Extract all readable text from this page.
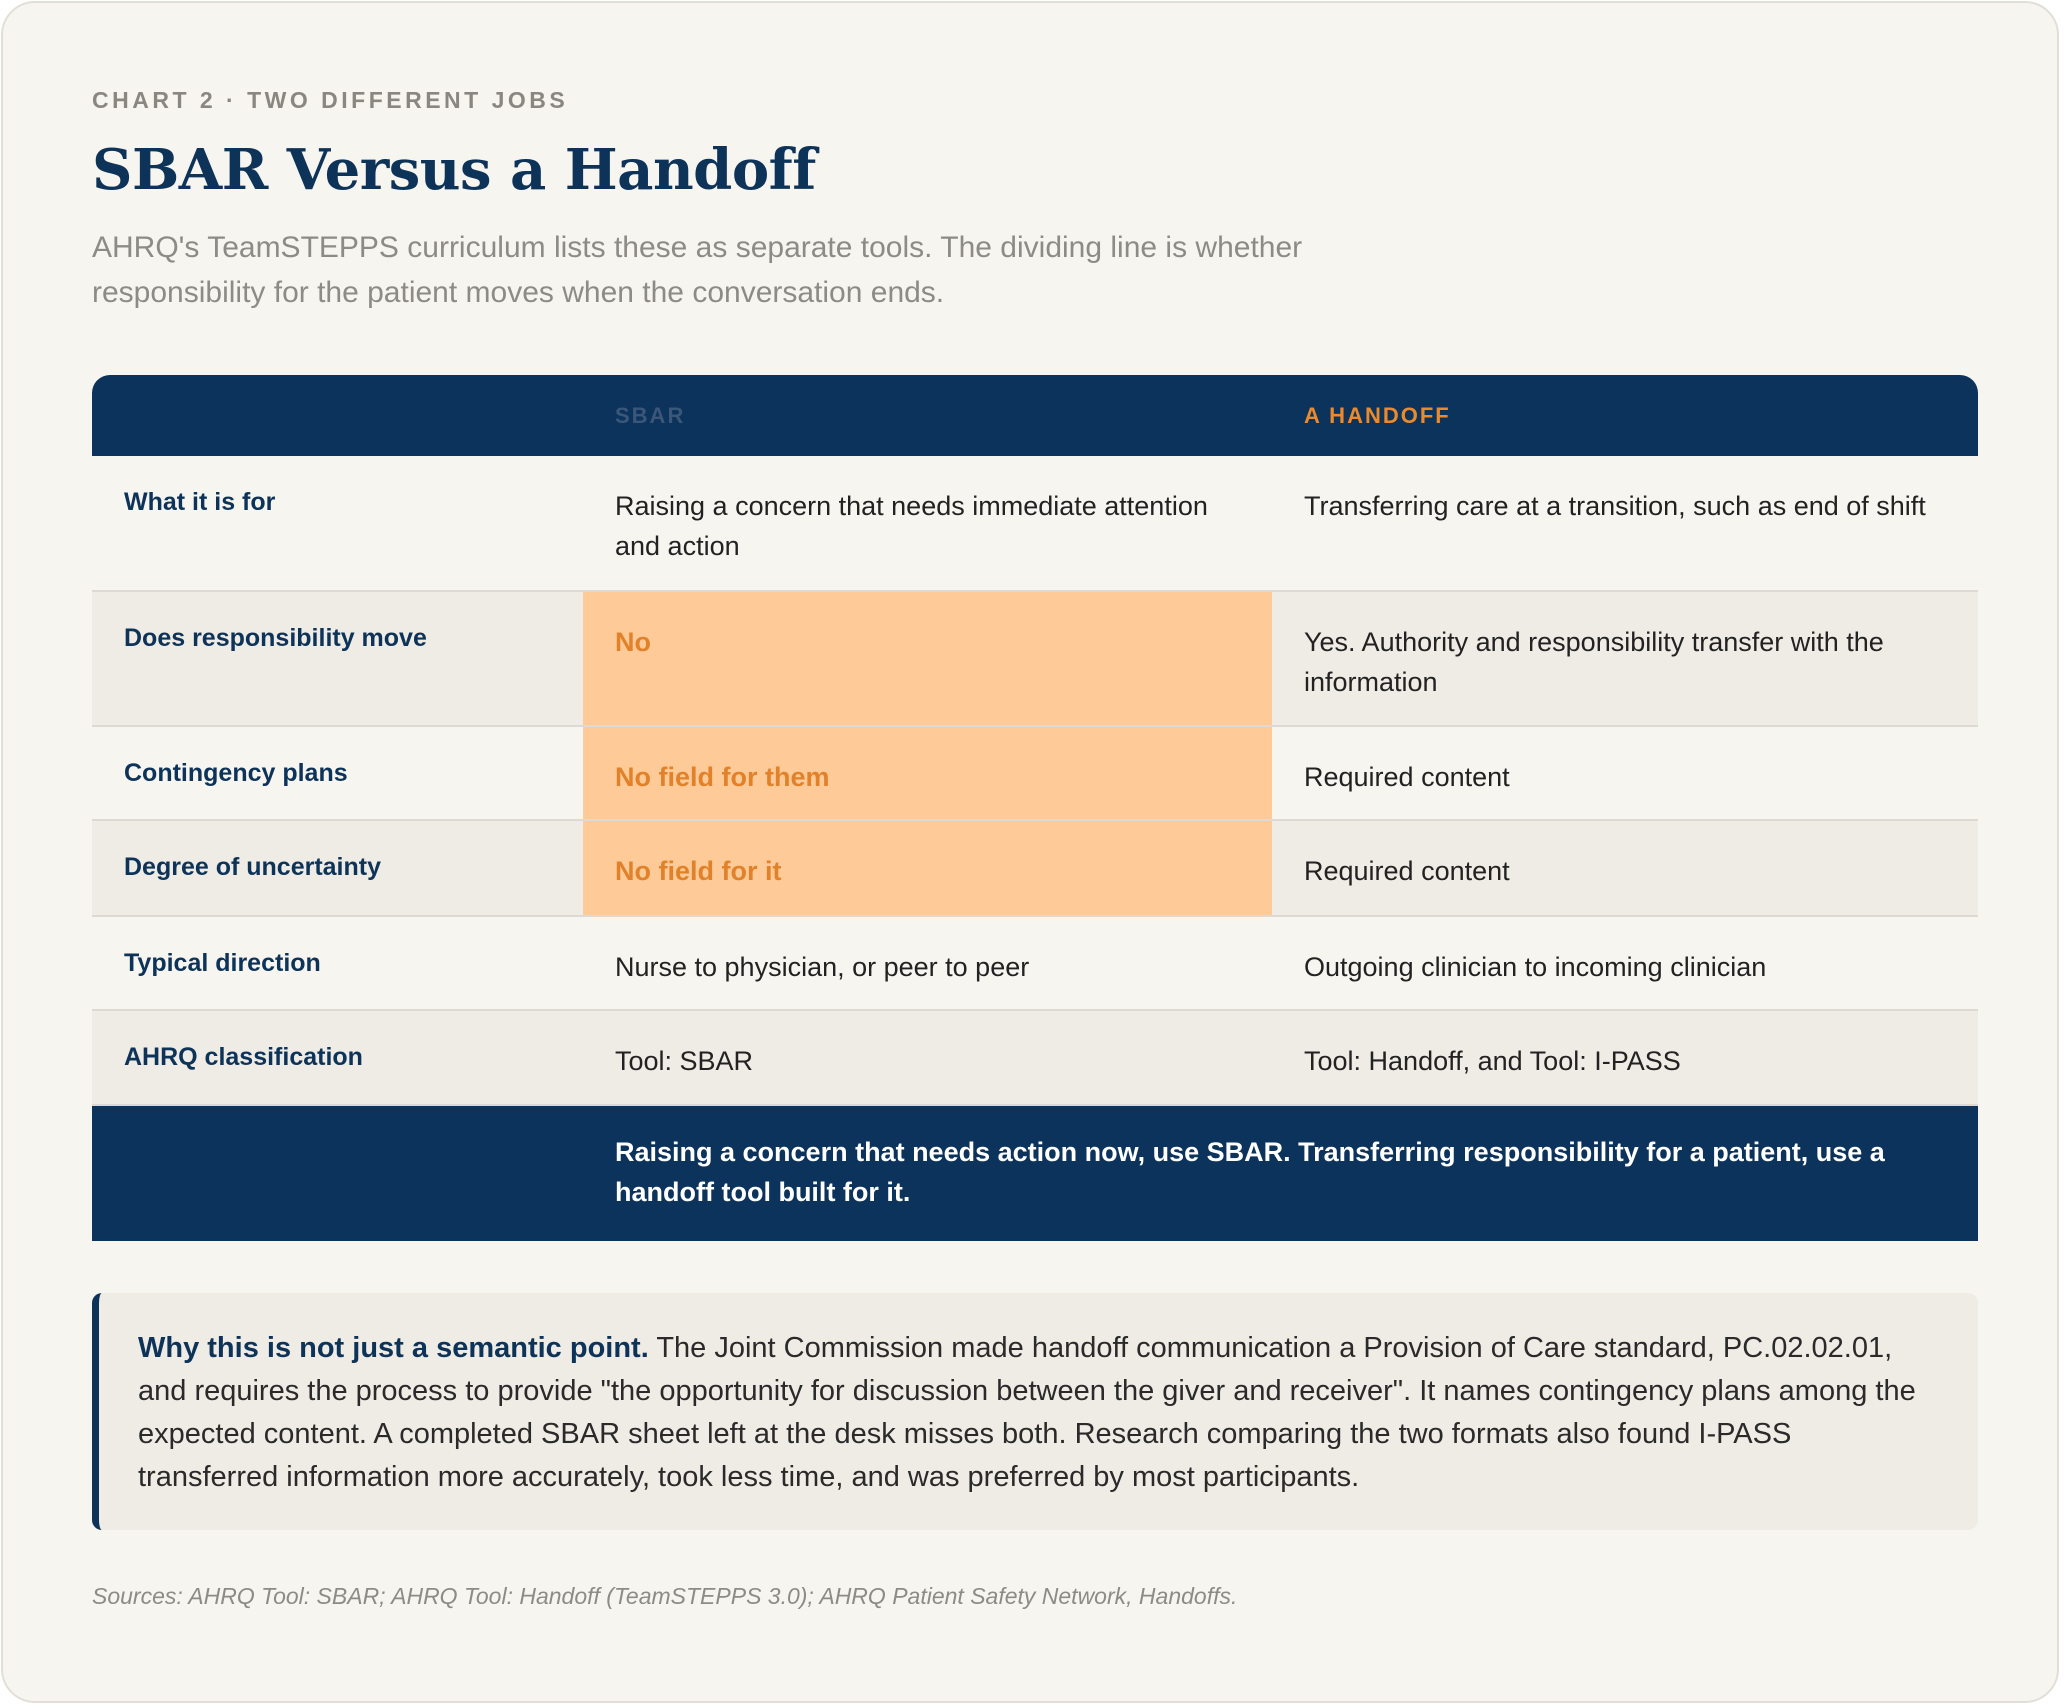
CHART 2 · TWO DIFFERENT JOBS
SBAR Versus a Handoff

AHRQ's TeamSTEPPS curriculum lists these as separate tools. The dividing line is whether responsibility for the patient moves when the conversation ends.

	SBAR	A HANDOFF
What it is for	Raising a concern that needs immediate attention and action	Transferring care at a transition, such as end of shift
Does responsibility move	No	Yes. Authority and responsibility transfer with the information
Contingency plans	No field for them	Required content
Degree of uncertainty	No field for it	Required content
Typical direction	Nurse to physician, or peer to peer	Outgoing clinician to incoming clinician
AHRQ classification	Tool: SBAR	Tool: Handoff, and Tool: I-PASS
	Raising a concern that needs action now, use SBAR. Transferring responsibility for a patient, use a handoff tool built for it.	
Why this is not just a semantic point. The Joint Commission made handoff communication a Provision of Care standard, PC.02.02.01, and requires the process to provide "the opportunity for discussion between the giver and receiver". It names contingency plans among the expected content. A completed SBAR sheet left at the desk misses both. Research comparing the two formats also found I-PASS transferred information more accurately, took less time, and was preferred by most participants.
Sources: AHRQ Tool: SBAR; AHRQ Tool: Handoff (TeamSTEPPS 3.0); AHRQ Patient Safety Network, Handoffs.
